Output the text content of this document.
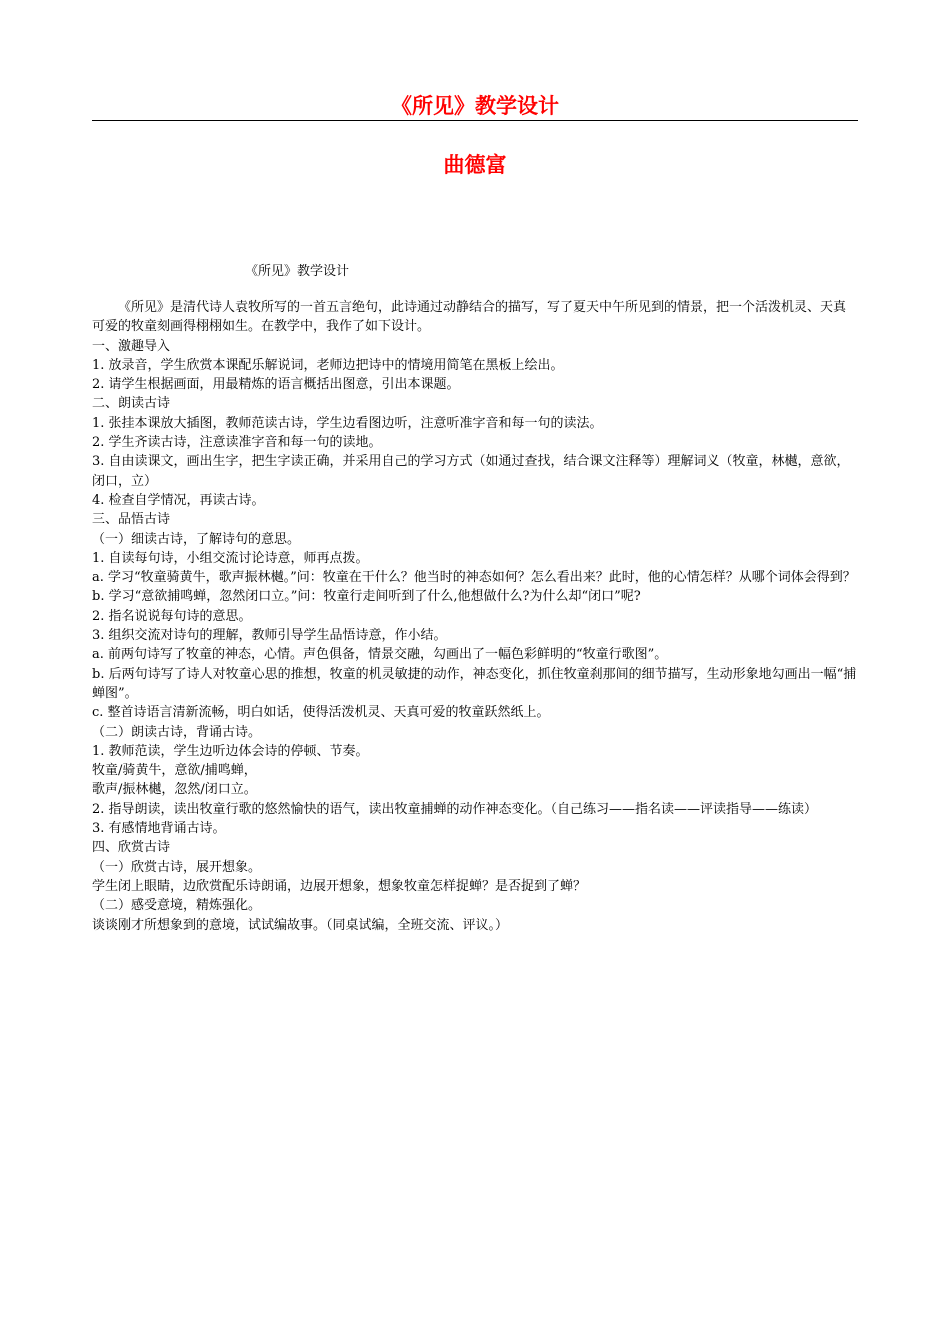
《所见》教学设计
曲德富
《所见》教学设计

《所见》是清代诗人袁牧所写的一首五言绝句，此诗通过动静结合的描写，写了夏天中午所见到的情景，把一个活泼机灵、天真可爱的牧童刻画得栩栩如生。在教学中，我作了如下设计。

一、激趣导入

1. 放录音，学生欣赏本课配乐解说词，老师边把诗中的情境用简笔在黑板上绘出。

2. 请学生根据画面，用最精炼的语言概括出图意，引出本课题。

二、朗读古诗

1. 张挂本课放大插图，教师范读古诗，学生边看图边听，注意听准字音和每一句的读法。

2. 学生齐读古诗，注意读准字音和每一句的读地。

3. 自由读课文，画出生字，把生字读正确，并采用自己的学习方式（如通过查找，结合课文注释等）理解词义（牧童，林樾，意欲，闭口，立）

4. 检查自学情况，再读古诗。

三、品悟古诗

（一）细读古诗，了解诗句的意思。

1. 自读每句诗，小组交流讨论诗意，师再点拨。

a. 学习“牧童骑黄牛，歌声振林樾。”问：牧童在干什么？他当时的神态如何？怎么看出来？此时，他的心情怎样？从哪个词体会得到？

b. 学习“意欲捕鸣蝉，忽然闭口立。”问：牧童行走间听到了什么,他想做什么?为什么却“闭口”呢?

2. 指名说说每句诗的意思。

3. 组织交流对诗句的理解，教师引导学生品悟诗意，作小结。

a. 前两句诗写了牧童的神态，心情。声色俱备，情景交融，勾画出了一幅色彩鲜明的“牧童行歌图”。

b. 后两句诗写了诗人对牧童心思的推想，牧童的机灵敏捷的动作，神态变化，抓住牧童刹那间的细节描写，生动形象地勾画出一幅“捕蝉图”。

c. 整首诗语言清新流畅，明白如话，使得活泼机灵、天真可爱的牧童跃然纸上。

（二）朗读古诗，背诵古诗。

1. 教师范读，学生边听边体会诗的停顿、节奏。

牧童/骑黄牛，意欲/捕鸣蝉，

歌声/振林樾，忽然/闭口立。

2. 指导朗读，读出牧童行歌的悠然愉快的语气，读出牧童捕蝉的动作神态变化。（自己练习——指名读——评读指导——练读）

3. 有感情地背诵古诗。

四、欣赏古诗

（一）欣赏古诗，展开想象。

学生闭上眼睛，边欣赏配乐诗朗诵，边展开想象，想象牧童怎样捉蝉？是否捉到了蝉？

（二）感受意境，精炼强化。

谈谈刚才所想象到的意境，试试编故事。（同桌试编，全班交流、评议。）
